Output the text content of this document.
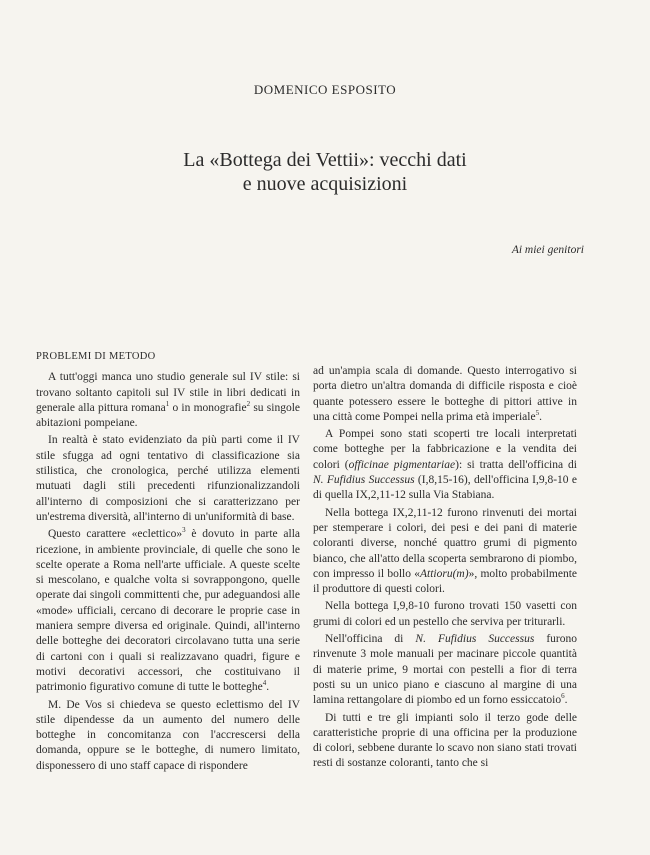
DOMENICO ESPOSITO
La «Bottega dei Vettii»: vecchi dati
e nuove acquisizioni
Ai miei genitori
PROBLEMI DI METODO

A tutt'oggi manca uno studio generale sul IV stile: si trovano soltanto capitoli sul IV stile in libri dedicati in generale alla pittura romana$^1$ o in monografie$^2$ su singole abitazioni pompeiane.

In realtà è stato evidenziato da più parti come il IV stile sfugga ad ogni tentativo di classificazione sia stilistica, che cronologica, perché utilizza elementi mutuati dagli stili precedenti rifunzionalizzandoli all'interno di composizioni che si caratterizzano per un'estrema diversità, all'interno di un'uniformità di base.

Questo carattere «eclettico»$^3$ è dovuto in parte alla ricezione, in ambiente provinciale, di quelle che sono le scelte operate a Roma nell'arte ufficiale. A queste scelte si mescolano, e qualche volta si sovrappongono, quelle operate dai singoli committenti che, pur adeguandosi alle «mode» ufficiali, cercano di decorare le proprie case in maniera sempre diversa ed originale. Quindi, all'interno delle botteghe dei decoratori circolavano tutta una serie di cartoni con i quali si realizzavano quadri, figure e motivi decorativi accessori, che costituivano il patrimonio figurativo comune di tutte le botteghe$^4$.

M. De Vos si chiedeva se questo eclettismo del IV stile dipendesse da un aumento del numero delle botteghe in concomitanza con l'accrescersi della domanda, oppure se le botteghe, di numero limitato, disponessero di uno staff capace di rispondere

ad un'ampia scala di domande. Questo interrogativo si porta dietro un'altra domanda di difficile risposta e cioè quante potessero essere le botteghe di pittori attive in una città come Pompei nella prima età imperiale$^5$.

A Pompei sono stati scoperti tre locali interpretati come botteghe per la fabbricazione e la vendita dei colori (officinae pigmentariae): si tratta dell'officina di N. Fufidius Successus (I,8,15-16), dell'officina I,9,8-10 e di quella IX,2,11-12 sulla Via Stabiana.

Nella bottega IX,2,11-12 furono rinvenuti dei mortai per stemperare i colori, dei pesi e dei pani di materie coloranti diverse, nonché quattro grumi di pigmento bianco, che all'atto della scoperta sembrarono di piombo, con impresso il bollo «Attioru(m)», molto probabilmente il produttore di questi colori.

Nella bottega I,9,8-10 furono trovati 150 vasetti con grumi di colori ed un pestello che serviva per triturarli.

Nell'officina di N. Fufidius Successus furono rinvenute 3 mole manuali per macinare piccole quantità di materie prime, 9 mortai con pestelli a fior di terra posti su un unico piano e ciascuno al margine di una lamina rettangolare di piombo ed un forno essiccatoio$^6$.

Di tutti e tre gli impianti solo il terzo gode delle caratteristiche proprie di una officina per la produzione di colori, sebbene durante lo scavo non siano stati trovati resti di sostanze coloranti, tanto che si
